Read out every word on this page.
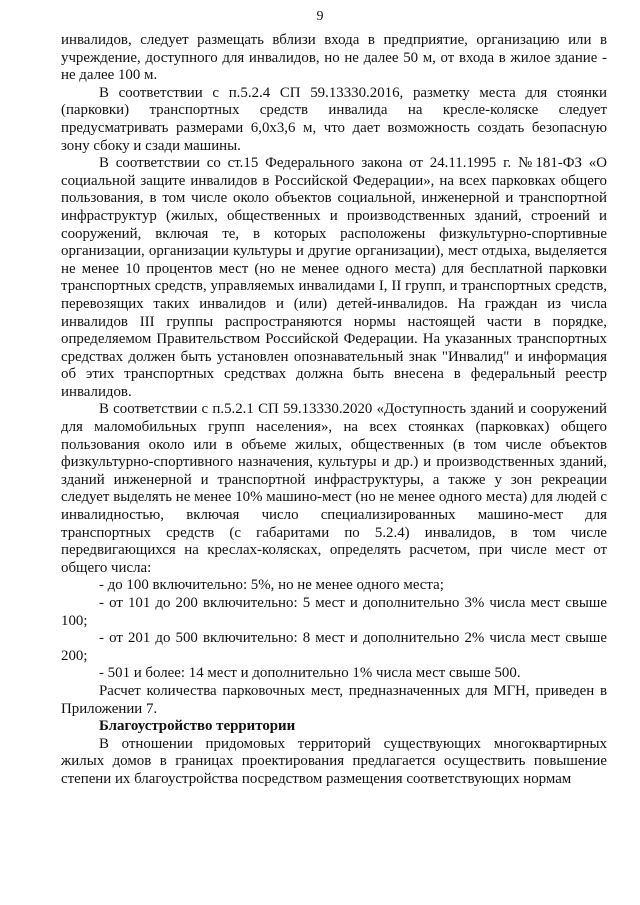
9

инвалидов, следует размещать вблизи входа в предприятие, организацию или в учреждение, доступного для инвалидов, но не далее 50 м, от входа в жилое здание - не далее 100 м.

В соответствии с п.5.2.4 СП 59.13330.2016, разметку места для стоянки (парковки) транспортных средств инвалида на кресле-коляске следует предусматривать размерами 6,0х3,6 м, что дает возможность создать безопасную зону сбоку и сзади машины.

В соответствии со ст.15 Федерального закона от 24.11.1995 г. №181-ФЗ «О социальной защите инвалидов в Российской Федерации», на всех парковках общего пользования, в том числе около объектов социальной, инженерной и транспортной инфраструктур (жилых, общественных и производственных зданий, строений и сооружений, включая те, в которых расположены физкультурно-спортивные организации, организации культуры и другие организации), мест отдыха, выделяется не менее 10 процентов мест (но не менее одного места) для бесплатной парковки транспортных средств, управляемых инвалидами I, II групп, и транспортных средств, перевозящих таких инвалидов и (или) детей-инвалидов. На граждан из числа инвалидов III группы распространяются нормы настоящей части в порядке, определяемом Правительством Российской Федерации. На указанных транспортных средствах должен быть установлен опознавательный знак "Инвалид" и информация об этих транспортных средствах должна быть внесена в федеральный реестр инвалидов.

В соответствии с п.5.2.1 СП 59.13330.2020 «Доступность зданий и сооружений для маломобильных групп населения», на всех стоянках (парковках) общего пользования около или в объеме жилых, общественных (в том числе объектов физкультурно-спортивного назначения, культуры и др.) и производственных зданий, зданий инженерной и транспортной инфраструктуры, а также у зон рекреации следует выделять не менее 10% машино-мест (но не менее одного места) для людей с инвалидностью, включая число специализированных машино-мест для транспортных средств (с габаритами по 5.2.4) инвалидов, в том числе передвигающихся на креслах-колясках, определять расчетом, при числе мест от общего числа:

- до 100 включительно: 5%, но не менее одного места;

- от 101 до 200 включительно: 5 мест и дополнительно 3% числа мест свыше 100;

- от 201 до 500 включительно: 8 мест и дополнительно 2% числа мест свыше 200;

- 501 и более: 14 мест и дополнительно 1% числа мест свыше 500.

Расчет количества парковочных мест, предназначенных для МГН, приведен в Приложении 7.

Благоустройство территории

В отношении придомовых территорий существующих многоквартирных жилых домов в границах проектирования предлагается осуществить повышение степени их благоустройства посредством размещения соответствующих нормам
